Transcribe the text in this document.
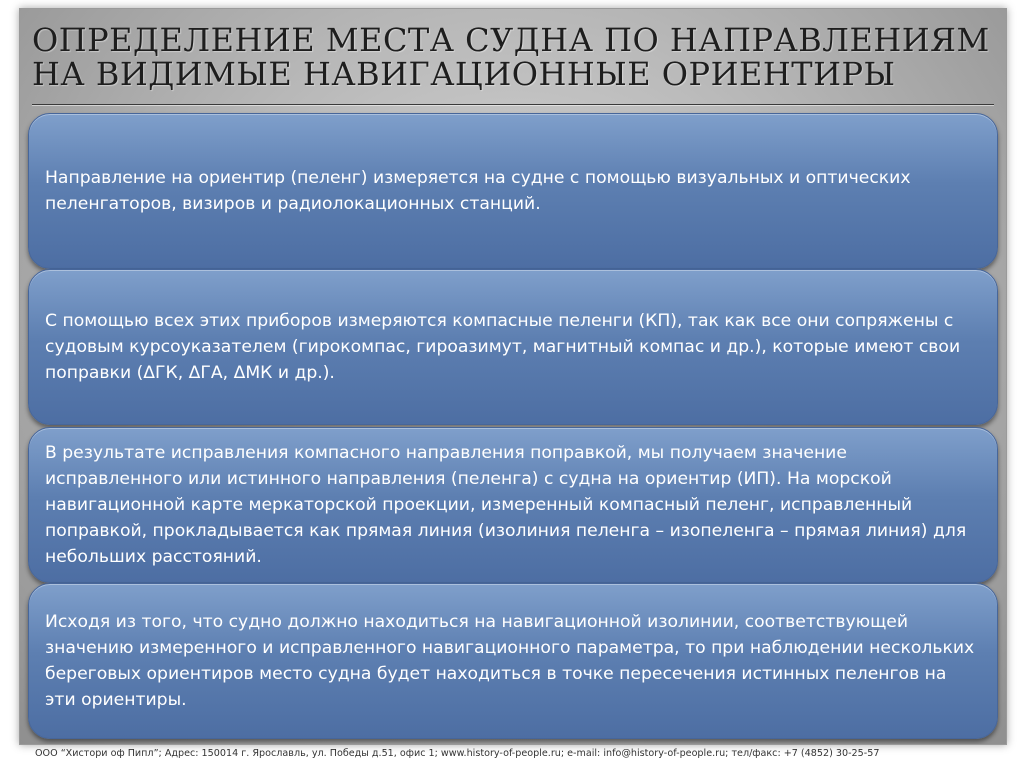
ОПРЕДЕЛЕНИЕ МЕСТА СУДНА ПО НАПРАВЛЕНИЯМ НА ВИДИМЫЕ НАВИГАЦИОННЫЕ ОРИЕНТИРЫ

Направление на ориентир (пеленг) измеряется на судне с помощью визуальных и оптических пеленгаторов, визиров и радиолокационных станций.

С помощью всех этих приборов измеряются компасные пеленги (КП), так как все они сопряжены с судовым курсоуказателем (гирокомпас, гироазимут, магнитный компас и др.), которые имеют свои поправки (ΔГК, ΔГА, ΔМК и др.).

В результате исправления компасного направления поправкой, мы получаем значение исправленного или истинного направления (пеленга) с судна на ориентир (ИП). На морской навигационной карте меркаторской проекции, измеренный компасный пеленг, исправленный поправкой, прокладывается как прямая линия (изолиния пеленга – изопеленга – прямая линия) для небольших расстояний.

Исходя из того, что судно должно находиться на навигационной изолинии, соответствующей значению измеренного и исправленного навигационного параметра, то при наблюдении нескольких береговых ориентиров место судна будет находиться в точке пересечения истинных пеленгов на эти ориентиры.

ООО “Хистори оф Пипл”; Адрес: 150014 г. Ярославль, ул. Победы д.51, офис 1; www.history-of-people.ru; e-mail: info@history-of-people.ru; тел/факс: +7 (4852) 30-25-57
